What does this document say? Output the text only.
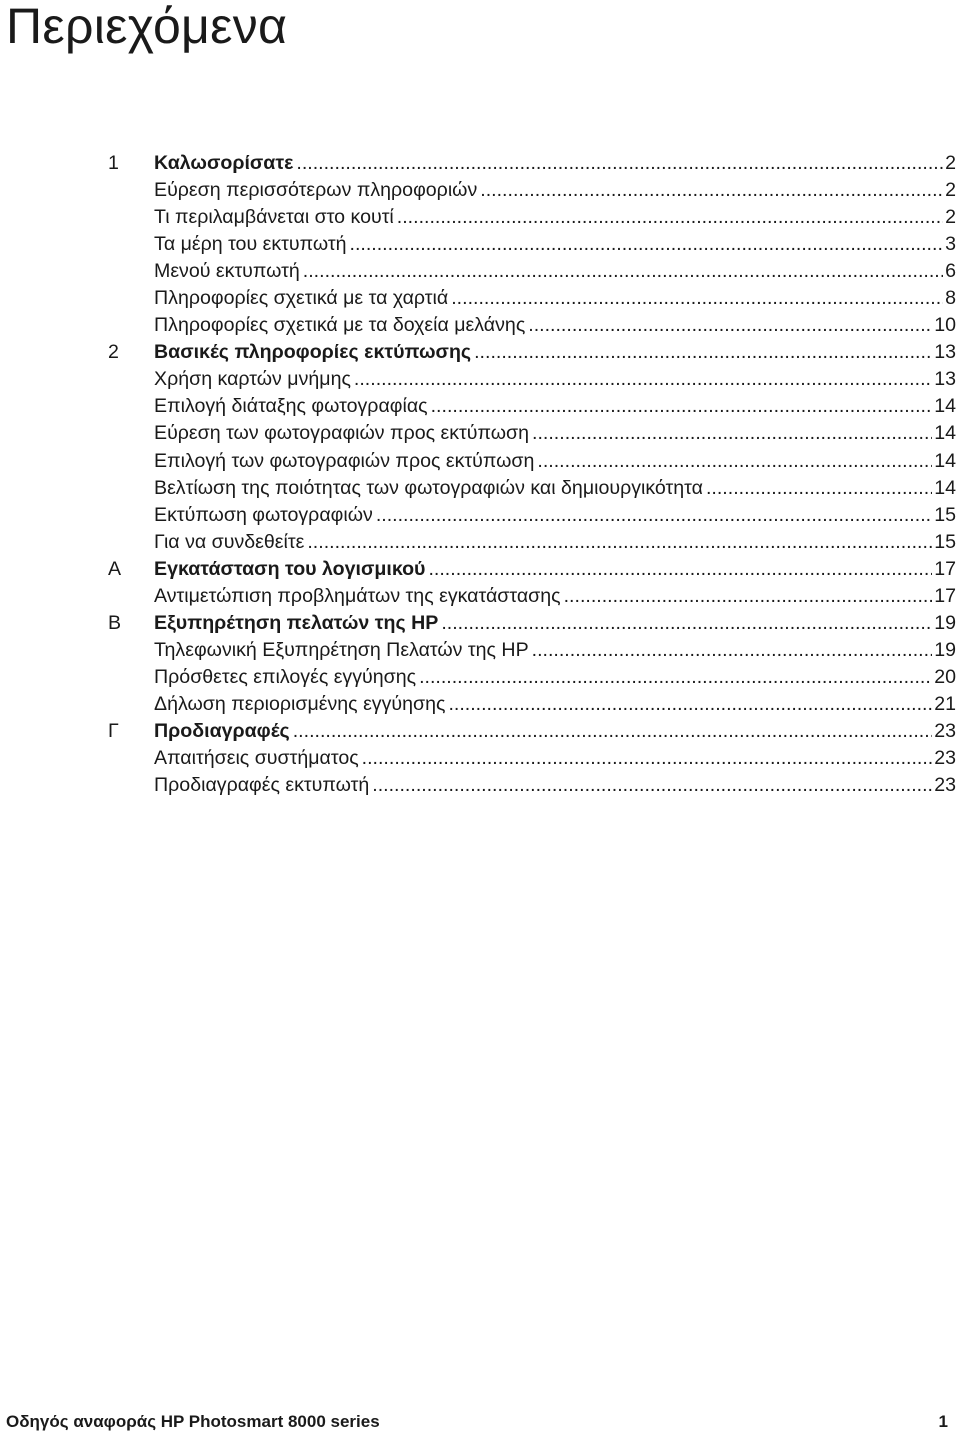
Περιεχόμενα
1	Καλωσορίσατε .....	2
Εύρεση περισσότερων πληροφοριών .....	2
Τι περιλαμβάνεται στο κουτί .....	2
Τα μέρη του εκτυπωτή .....	3
Μενού εκτυπωτή .....	6
Πληροφορίες σχετικά με τα χαρτιά .....	8
Πληροφορίες σχετικά με τα δοχεία μελάνης .....	10
2	Βασικές πληροφορίες εκτύπωσης .....	13
Χρήση καρτών μνήμης .....	13
Επιλογή διάταξης φωτογραφίας .....	14
Εύρεση των φωτογραφιών προς εκτύπωση .....	14
Επιλογή των φωτογραφιών προς εκτύπωση .....	14
Βελτίωση της ποιότητας των φωτογραφιών και δημιουργικότητα .....	14
Εκτύπωση φωτογραφιών .....	15
Για να συνδεθείτε .....	15
A	Εγκατάσταση του λογισμικού .....	17
Αντιμετώπιση προβλημάτων της εγκατάστασης .....	17
B	Εξυπηρέτηση πελατών της HP .....	19
Τηλεφωνική Εξυπηρέτηση Πελατών της HP .....	19
Πρόσθετες επιλογές εγγύησης .....	20
Δήλωση περιορισμένης εγγύησης .....	21
Γ	Προδιαγραφές .....	23
Απαιτήσεις συστήματος .....	23
Προδιαγραφές εκτυπωτή .....	23
Οδηγός αναφοράς HP Photosmart 8000 series	1
